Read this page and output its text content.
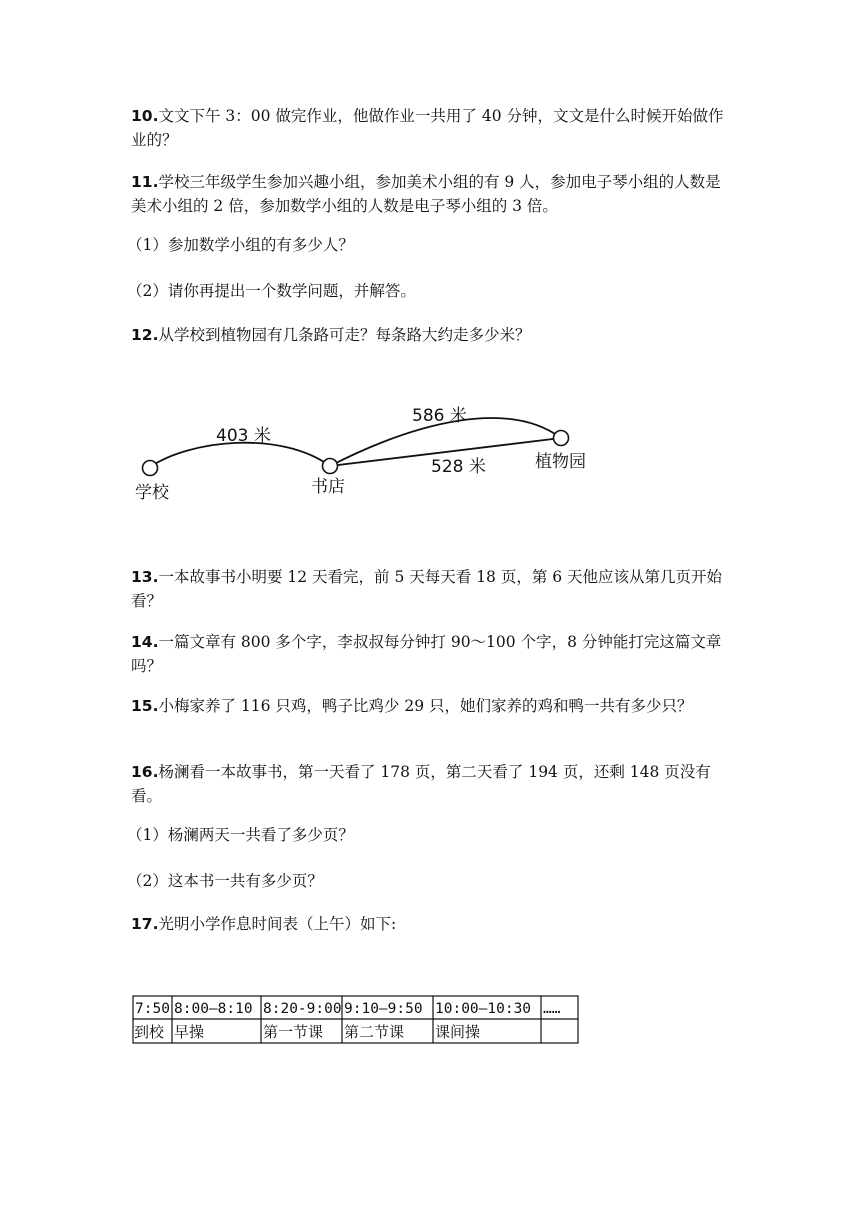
10.文文下午 3：00 做完作业，他做作业一共用了 40 分钟，文文是什么时候开始做作业的？

11.学校三年级学生参加兴趣小组，参加美术小组的有 9 人，参加电子琴小组的人数是美术小组的 2 倍，参加数学小组的人数是电子琴小组的 3 倍。

（1）参加数学小组的有多少人？

（2）请你再提出一个数学问题，并解答。

12.从学校到植物园有几条路可走？每条路大约走多少米？

学校	书店
植物园
403 米
586 米
528 米

13.一本故事书小明要 12 天看完，前 5 天每天看 18 页，第 6 天他应该从第几页开始看？

14.一篇文章有 800 多个字，李叔叔每分钟打 90～100 个字，8 分钟能打完这篇文章吗？

15.小梅家养了 116 只鸡，鸭子比鸡少 29 只，她们家养的鸡和鸭一共有多少只？

16.杨澜看一本故事书，第一天看了 178 页，第二天看了 194 页，还剩 148 页没有看。

（1）杨澜两天一共看了多少页？

（2）这本书一共有多少页？

17.光明小学作息时间表（上午）如下:

7:50 8:00—8:10 8:20-9:00 9:10—9:50 10:00—10:30 ……
到校 早操	第一节课 第二节课 课间操
